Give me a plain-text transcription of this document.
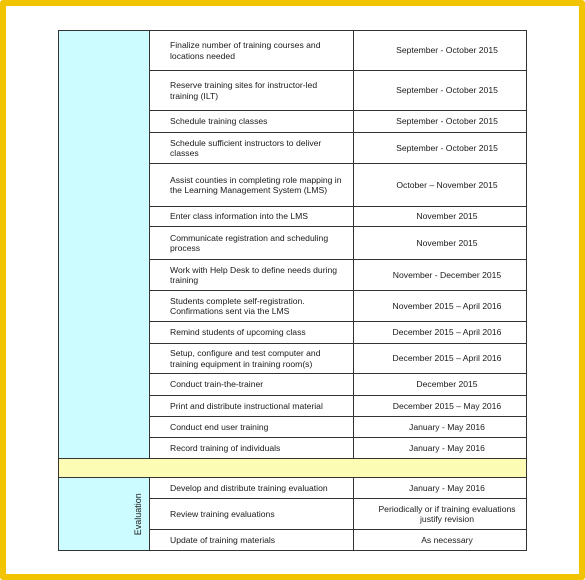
	Finalize number of training courses and locations needed	September - October 2015
	Reserve training sites for instructor-led training (ILT)	September - October 2015
	Schedule training classes	September - October 2015
	Schedule sufficient instructors to deliver classes	September - October 2015
	Assist counties in completing role mapping in the Learning Management System (LMS)	October – November 2015
	Enter class information into the LMS	November 2015
	Communicate registration and scheduling process	November 2015
	Work with Help Desk to define needs during training	November - December 2015
	Students complete self-registration. Confirmations sent via the LMS	November 2015 – April 2016
	Remind students of upcoming class	December 2015 – April 2016
	Setup, configure and test computer and training equipment in training room(s)	December 2015 – April 2016
	Conduct train-the-trainer	December 2015
	Print and distribute instructional material	December 2015 – May 2016
	Conduct end user training	January - May 2016
	Record training of individuals	January - May 2016

Evaluation	Develop and distribute training evaluation	January - May 2016
	Review training evaluations	Periodically or if training evaluations justify revision
	Update of training materials	As necessary
